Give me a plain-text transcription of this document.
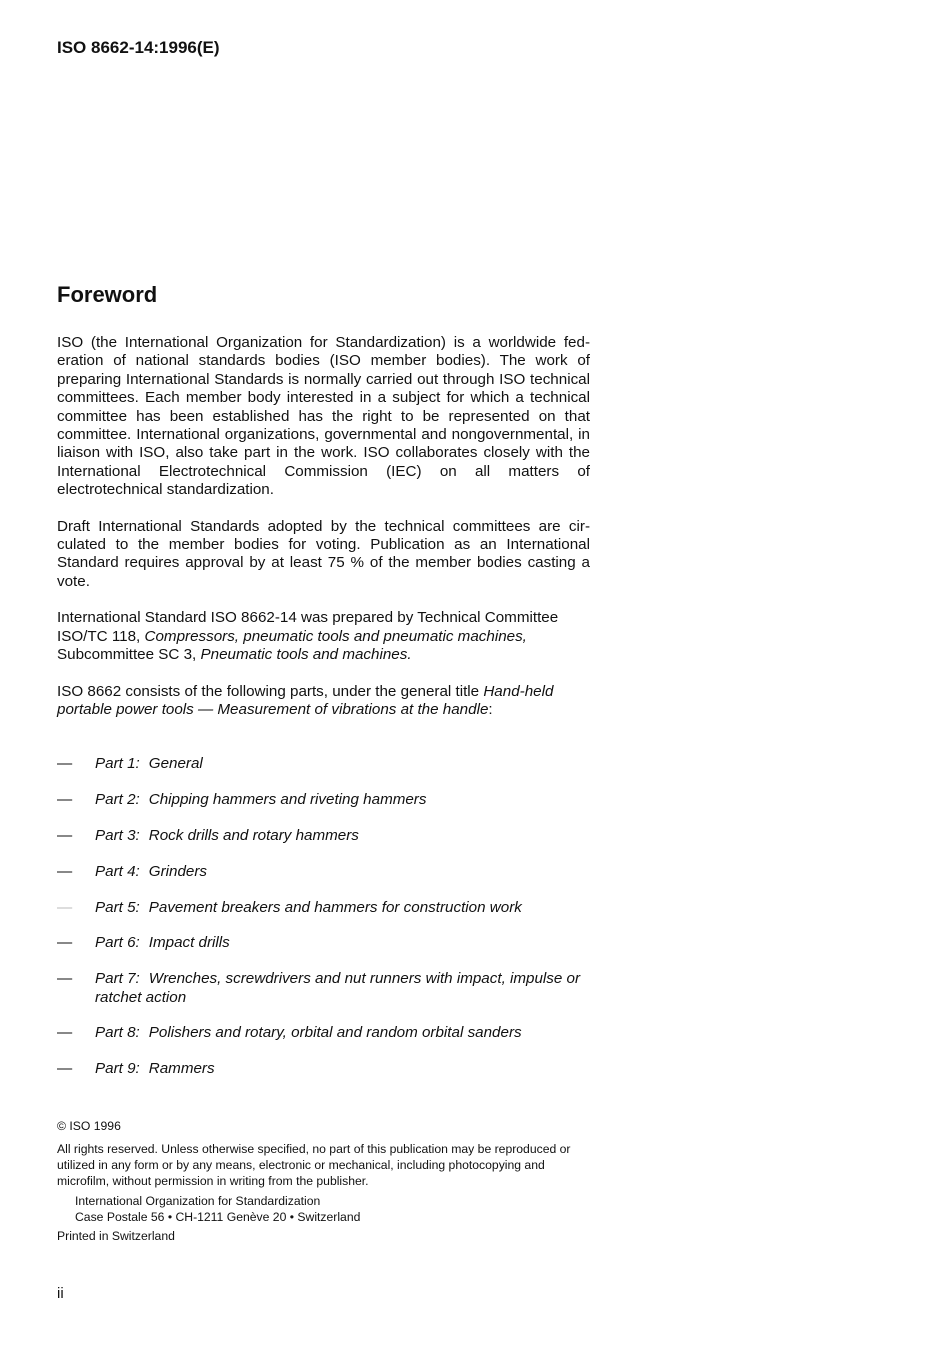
ISO 8662-14:1996(E)

Foreword

ISO (the International Organization for Standardization) is a worldwide federation of national standards bodies (ISO member bodies). The work of preparing International Standards is normally carried out through ISO technical committees. Each member body interested in a subject for which a technical committee has been established has the right to be represented on that committee. International organizations, governmental and nongovernmental, in liaison with ISO, also take part in the work. ISO collaborates closely with the International Electrotechnical Commission (IEC) on all matters of electrotechnical standardization.

Draft International Standards adopted by the technical committees are circulated to the member bodies for voting. Publication as an International Standard requires approval by at least 75 % of the member bodies casting a vote.

International Standard ISO 8662-14 was prepared by Technical Committee ISO/TC 118, Compressors, pneumatic tools and pneumatic machines, Subcommittee SC 3, Pneumatic tools and machines.

ISO 8662 consists of the following parts, under the general title Hand-held portable power tools — Measurement of vibrations at the handle:

— Part 1: General
— Part 2: Chipping hammers and riveting hammers
— Part 3: Rock drills and rotary hammers
— Part 4: Grinders
— Part 5: Pavement breakers and hammers for construction work
— Part 6: Impact drills
— Part 7: Wrenches, screwdrivers and nut runners with impact, impulse or ratchet action
— Part 8: Polishers and rotary, orbital and random orbital sanders
— Part 9: Rammers

© ISO 1996

All rights reserved. Unless otherwise specified, no part of this publication may be reproduced or utilized in any form or by any means, electronic or mechanical, including photocopying and microfilm, without permission in writing from the publisher.

International Organization for Standardization

Case Postale 56 • CH-1211 Genève 20 • Switzerland

Printed in Switzerland

ii
